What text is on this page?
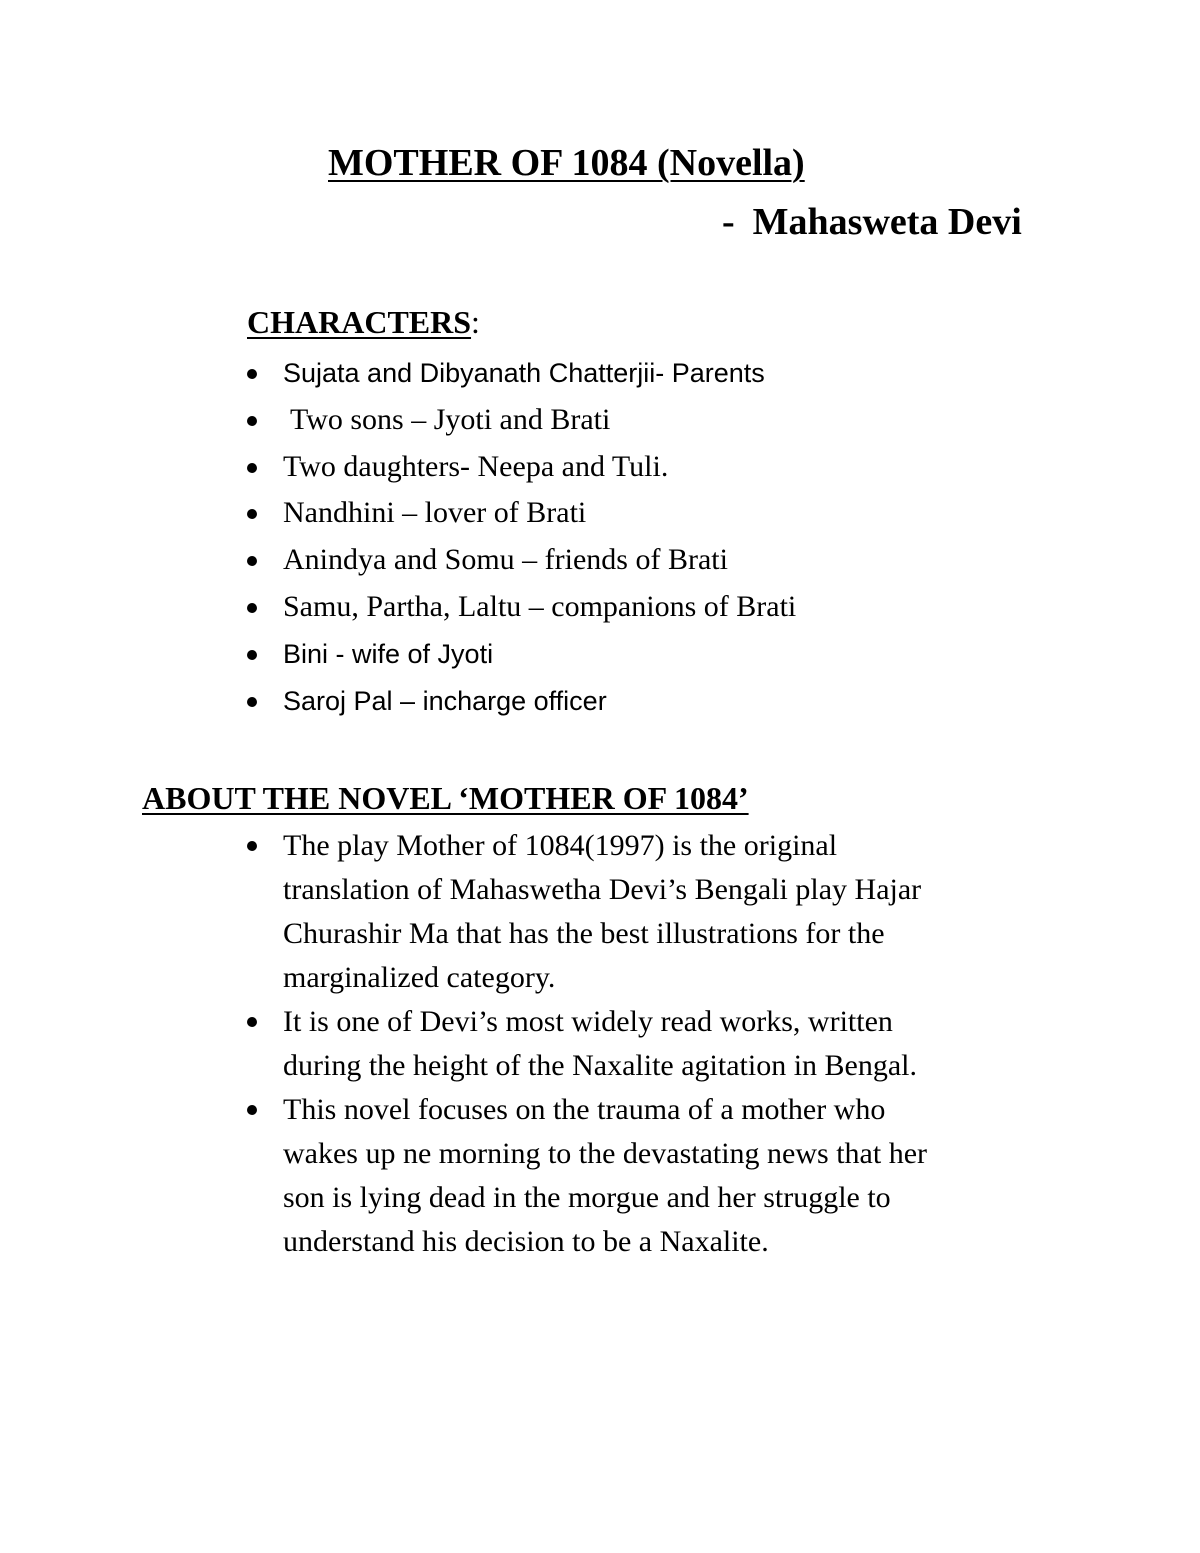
MOTHER OF 1084 (Novella)
- Mahasweta Devi
CHARACTERS:
Sujata and Dibyanath Chatterjii- Parents
Two sons – Jyoti and Brati
Two daughters- Neepa and Tuli.
Nandhini – lover of Brati
Anindya and Somu – friends of Brati
Samu, Partha, Laltu – companions of Brati
Bini - wife of Jyoti
Saroj Pal – incharge officer
ABOUT THE NOVEL ‘MOTHER OF 1084’
The play Mother of 1084(1997) is the original
translation of Mahaswetha Devi’s Bengali play Hajar
Churashir Ma that has the best illustrations for the
marginalized category.
It is one of Devi’s most widely read works, written
during the height of the Naxalite agitation in Bengal.
This novel focuses on the trauma of a mother who
wakes up ne morning to the devastating news that her
son is lying dead in the morgue and her struggle to
understand his decision to be a Naxalite.
